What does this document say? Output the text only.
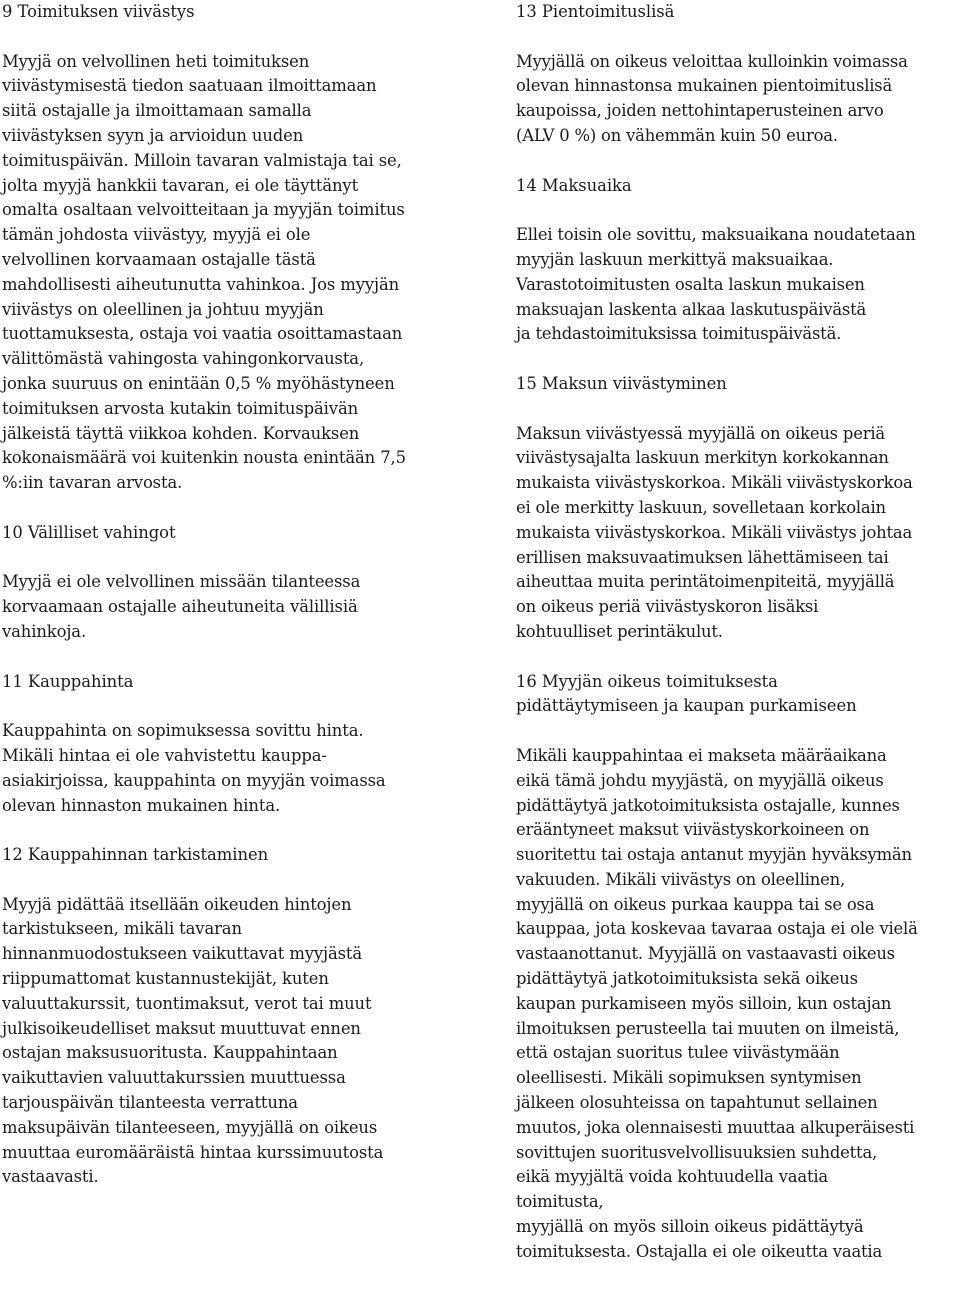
9 Toimituksen viivästys

Myyjä on velvollinen heti toimituksen
viivästymisestä tiedon saatuaan ilmoittamaan
siitä ostajalle ja ilmoittamaan samalla
viivästyksen syyn ja arvioidun uuden
toimituspäivän. Milloin tavaran valmistaja tai se,
jolta myyjä hankkii tavaran, ei ole täyttänyt
omalta osaltaan velvoitteitaan ja myyjän toimitus
tämän johdosta viivästyy, myyjä ei ole
velvollinen korvaamaan ostajalle tästä
mahdollisesti aiheutunutta vahinkoa. Jos myyjän
viivästys on oleellinen ja johtuu myyjän
tuottamuksesta, ostaja voi vaatia osoittamastaan
välittömästä vahingosta vahingonkorvausta,
jonka suuruus on enintään 0,5 % myöhästyneen
toimituksen arvosta kutakin toimituspäivän
jälkeistä täyttä viikkoa kohden. Korvauksen
kokonaismäärä voi kuitenkin nousta enintään 7,5
%:iin tavaran arvosta.

10 Välilliset vahingot

Myyjä ei ole velvollinen missään tilanteessa
korvaamaan ostajalle aiheutuneita välillisiä
vahinkoja.

11 Kauppahinta

Kauppahinta on sopimuksessa sovittu hinta.
Mikäli hintaa ei ole vahvistettu kauppa-
asiakirjoissa, kauppahinta on myyjän voimassa
olevan hinnaston mukainen hinta.

12 Kauppahinnan tarkistaminen

Myyjä pidättää itsellään oikeuden hintojen
tarkistukseen, mikäli tavaran
hinnanmuodostukseen vaikuttavat myyjästä
riippumattomat kustannustekijät, kuten
valuuttakurssit, tuontimaksut, verot tai muut
julkisoikeudelliset maksut muuttuvat ennen
ostajan maksusuoritusta. Kauppahintaan
vaikuttavien valuuttakurssien muuttuessa
tarjouspäivän tilanteesta verrattuna
maksupäivän tilanteeseen, myyjällä on oikeus
muuttaa euromääräistä hintaa kurssimuutosta
vastaavasti.

13 Pientoimituslisä

Myyjällä on oikeus veloittaa kulloinkin voimassa
olevan hinnastonsa mukainen pientoimituslisä
kaupoissa, joiden nettohintaperusteinen arvo
(ALV 0 %) on vähemmän kuin 50 euroa.

14 Maksuaika

Ellei toisin ole sovittu, maksuaikana noudatetaan
myyjän laskuun merkittyä maksuaikaa.
Varastotoimitusten osalta laskun mukaisen
maksuajan laskenta alkaa laskutuspäivästä
ja tehdastoimituksissa toimituspäivästä.

15 Maksun viivästyminen

Maksun viivästyessä myyjällä on oikeus periä
viivästysajalta laskuun merkityn korkokannan
mukaista viivästyskorkoa. Mikäli viivästyskorkoa
ei ole merkitty laskuun, sovelletaan korkolain
mukaista viivästyskorkoa. Mikäli viivästys johtaa
erillisen maksuvaatimuksen lähettämiseen tai
aiheuttaa muita perintätoimenpiteitä, myyjällä
on oikeus periä viivästyskoron lisäksi
kohtuulliset perintäkulut.

16 Myyjän oikeus toimituksesta
pidättäytymiseen ja kaupan purkamiseen

Mikäli kauppahintaa ei makseta määräaikana
eikä tämä johdu myyjästä, on myyjällä oikeus
pidättäytyä jatkotoimituksista ostajalle, kunnes
erääntyneet maksut viivästyskorkoineen on
suoritettu tai ostaja antanut myyjän hyväksymän
vakuuden. Mikäli viivästys on oleellinen,
myyjällä on oikeus purkaa kauppa tai se osa
kauppaa, jota koskevaa tavaraa ostaja ei ole vielä
vastaanottanut. Myyjällä on vastaavasti oikeus
pidättäytyä jatkotoimituksista sekä oikeus
kaupan purkamiseen myös silloin, kun ostajan
ilmoituksen perusteella tai muuten on ilmeistä,
että ostajan suoritus tulee viivästymään
oleellisesti. Mikäli sopimuksen syntymisen
jälkeen olosuhteissa on tapahtunut sellainen
muutos, joka olennaisesti muuttaa alkuperäisesti
sovittujen suoritusvelvollisuuksien suhdetta,
eikä myyjältä voida kohtuudella vaatia
toimitusta,
myyjällä on myös silloin oikeus pidättäytyä
toimituksesta. Ostajalla ei ole oikeutta vaatia
